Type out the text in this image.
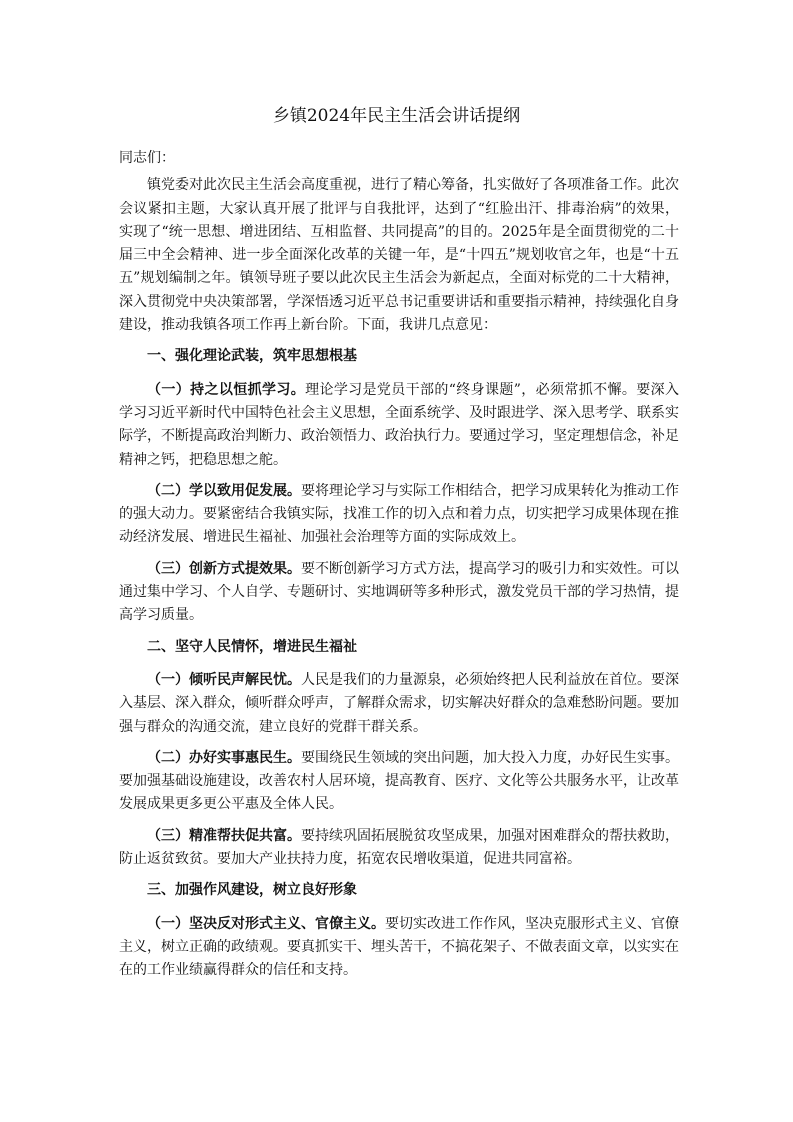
乡镇2024年民主生活会讲话提纲

同志们：

镇党委对此次民主生活会高度重视，进行了精心筹备，扎实做好了各项准备工作。此次会议紧扣主题，大家认真开展了批评与自我批评，达到了“红脸出汗、排毒治病”的效果，实现了“统一思想、增进团结、互相监督、共同提高”的目的。2025年是全面贯彻党的二十届三中全会精神、进一步全面深化改革的关键一年，是“十四五”规划收官之年，也是“十五五”规划编制之年。镇领导班子要以此次民主生活会为新起点，全面对标党的二十大精神，深入贯彻党中央决策部署，学深悟透习近平总书记重要讲话和重要指示精神，持续强化自身建设，推动我镇各项工作再上新台阶。下面，我讲几点意见：

一、强化理论武装，筑牢思想根基

（一）持之以恒抓学习。理论学习是党员干部的“终身课题”，必须常抓不懈。要深入学习习近平新时代中国特色社会主义思想，全面系统学、及时跟进学、深入思考学、联系实际学，不断提高政治判断力、政治领悟力、政治执行力。要通过学习，坚定理想信念，补足精神之钙，把稳思想之舵。

（二）学以致用促发展。要将理论学习与实际工作相结合，把学习成果转化为推动工作的强大动力。要紧密结合我镇实际，找准工作的切入点和着力点，切实把学习成果体现在推动经济发展、增进民生福祉、加强社会治理等方面的实际成效上。

（三）创新方式提效果。要不断创新学习方式方法，提高学习的吸引力和实效性。可以通过集中学习、个人自学、专题研讨、实地调研等多种形式，激发党员干部的学习热情，提高学习质量。

二、坚守人民情怀，增进民生福祉

（一）倾听民声解民忧。人民是我们的力量源泉，必须始终把人民利益放在首位。要深入基层、深入群众，倾听群众呼声，了解群众需求，切实解决好群众的急难愁盼问题。要加强与群众的沟通交流，建立良好的党群干群关系。

（二）办好实事惠民生。要围绕民生领域的突出问题，加大投入力度，办好民生实事。要加强基础设施建设，改善农村人居环境，提高教育、医疗、文化等公共服务水平，让改革发展成果更多更公平惠及全体人民。

（三）精准帮扶促共富。要持续巩固拓展脱贫攻坚成果，加强对困难群众的帮扶救助，防止返贫致贫。要加大产业扶持力度，拓宽农民增收渠道，促进共同富裕。

三、加强作风建设，树立良好形象

（一）坚决反对形式主义、官僚主义。要切实改进工作作风，坚决克服形式主义、官僚主义，树立正确的政绩观。要真抓实干、埋头苦干，不搞花架子、不做表面文章，以实实在在的工作业绩赢得群众的信任和支持。
